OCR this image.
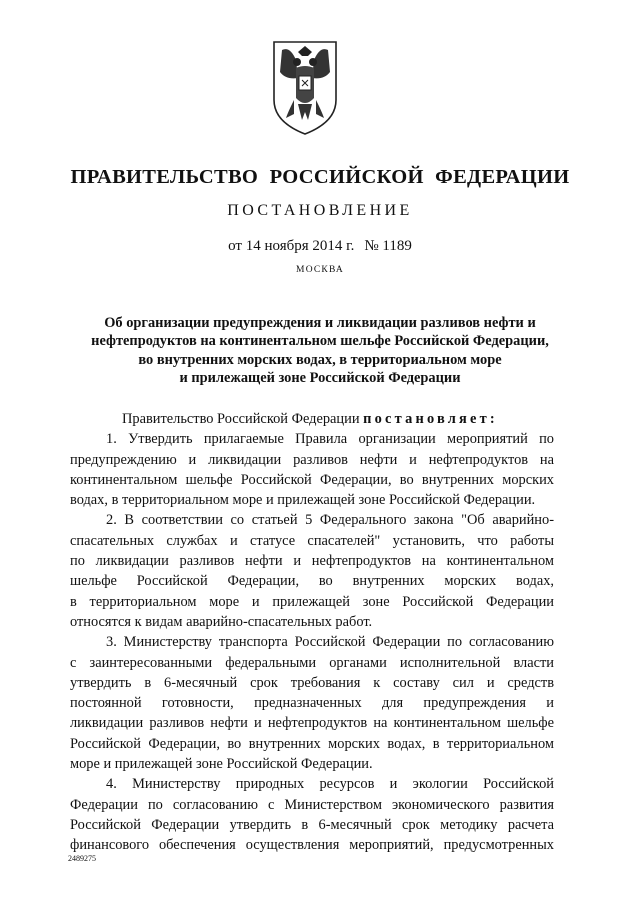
ПРАВИТЕЛЬСТВО РОССИЙСКОЙ ФЕДЕРАЦИИ
ПОСТАНОВЛЕНИЕ
от 14 ноября 2014 г. № 1189
МОСКВА
Об организации предупреждения и ликвидации разливов нефти и
нефтепродуктов на континентальном шельфе Российской Федерации,
во внутренних морских водах, в территориальном море
и прилежащей зоне Российской Федерации
Правительство Российской Федерации постановляет:
1. Утвердить прилагаемые Правила организации мероприятий по
предупреждению и ликвидации разливов нефти и нефтепродуктов на
континентальном шельфе Российской Федерации, во внутренних морских
водах, в территориальном море и прилежащей зоне Российской Федерации.
2. В соответствии со статьей 5 Федерального закона "Об аварийно-
спасательных службах и статусе спасателей" установить, что работы
по ликвидации разливов нефти и нефтепродуктов на континентальном
шельфе Российской Федерации, во внутренних морских водах,
в территориальном море и прилежащей зоне Российской Федерации
относятся к видам аварийно-спасательных работ.
3. Министерству транспорта Российской Федерации по согласованию
с заинтересованными федеральными органами исполнительной власти
утвердить в 6-месячный срок требования к составу сил и средств
постоянной готовности, предназначенных для предупреждения и
ликвидации разливов нефти и нефтепродуктов на континентальном шельфе
Российской Федерации, во внутренних морских водах, в территориальном
море и прилежащей зоне Российской Федерации.
4. Министерству природных ресурсов и экологии Российской
Федерации по согласованию с Министерством экономического развития
Российской Федерации утвердить в 6-месячный срок методику расчета
финансового обеспечения осуществления мероприятий, предусмотренных
2489275
